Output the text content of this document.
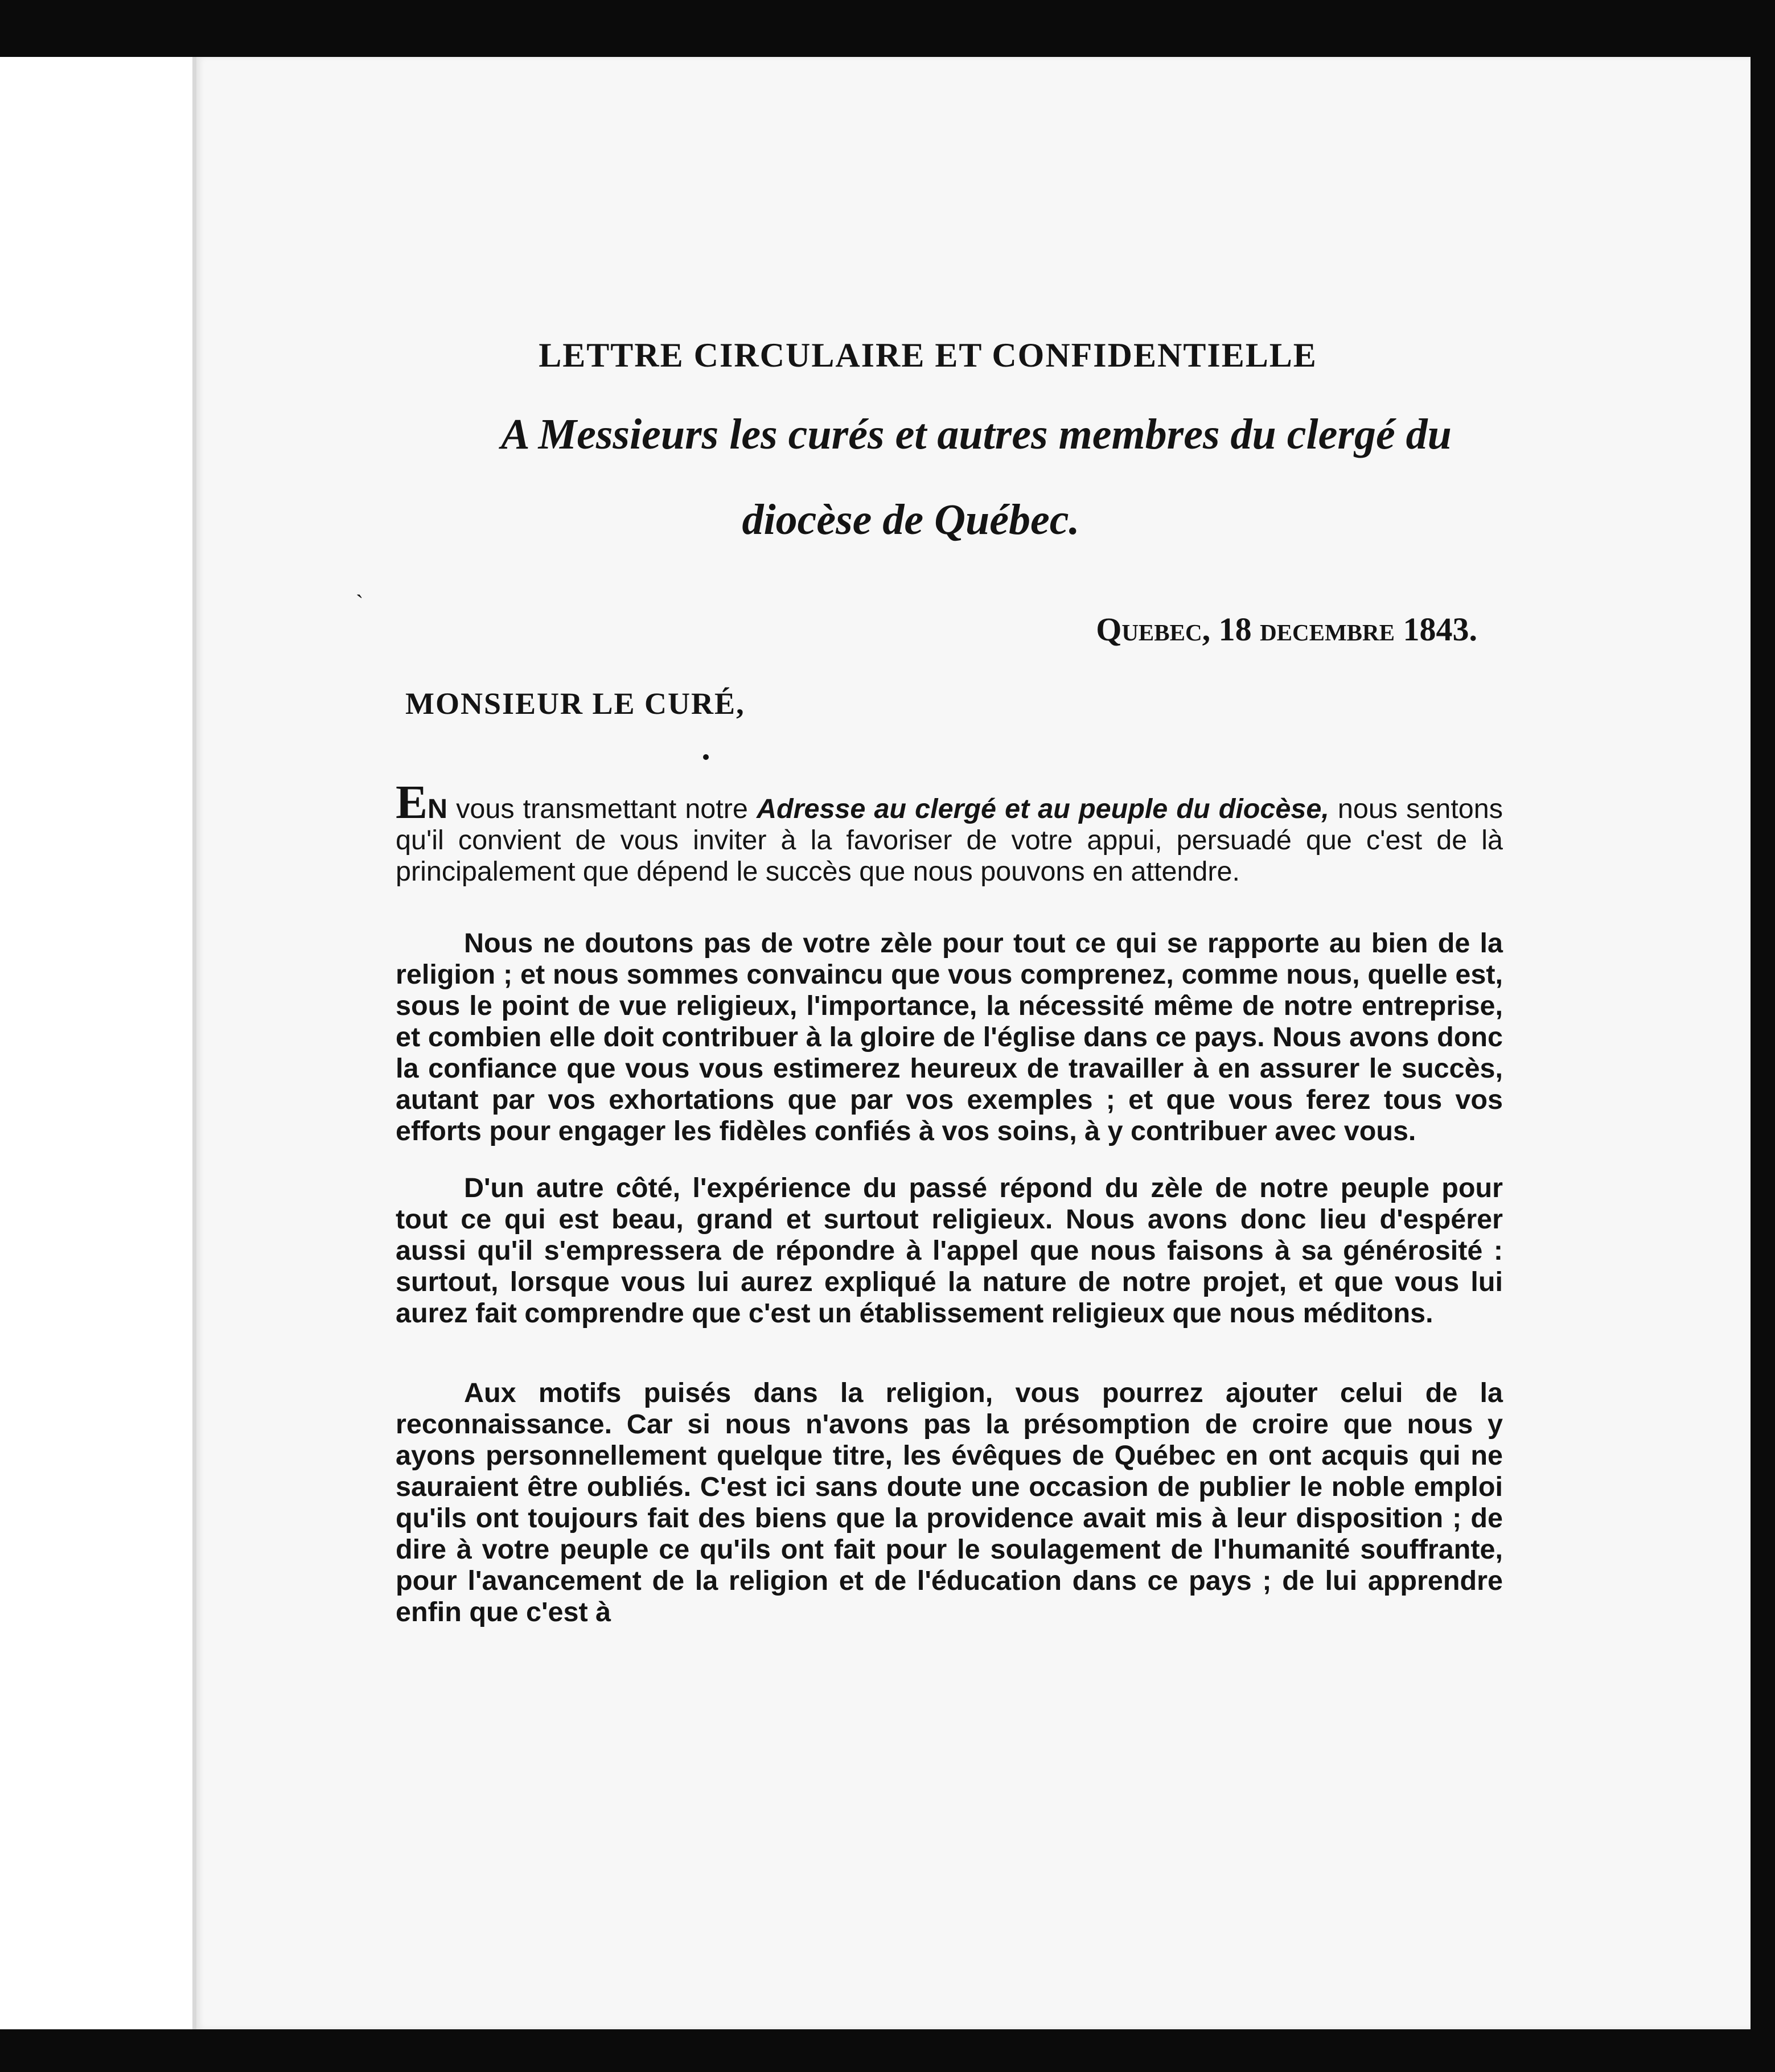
ˎ
LETTRE CIRCULAIRE ET CONFIDENTIELLE
A Messieurs les curés et autres membres du clergé du
diocèse de Québec.
Quebec, 18 decembre 1843.
MONSIEUR LE CURÉ,

EN vous transmettant notre Adresse au clergé et au peuple du diocèse, nous sentons qu'il convient de vous inviter à la favoriser de votre appui, persuadé que c'est de là principalement que dépend le succès que nous pouvons en attendre.

Nous ne doutons pas de votre zèle pour tout ce qui se rapporte au bien de la religion ; et nous sommes convaincu que vous comprenez, comme nous, quelle est, sous le point de vue religieux, l'importance, la nécessité même de notre entreprise, et combien elle doit contribuer à la gloire de l'église dans ce pays. Nous avons donc la confiance que vous vous estimerez heureux de travailler à en assurer le succès, autant par vos exhortations que par vos exemples ; et que vous ferez tous vos efforts pour engager les fidèles confiés à vos soins, à y contribuer avec vous.

D'un autre côté, l'expérience du passé répond du zèle de notre peuple pour tout ce qui est beau, grand et surtout religieux. Nous avons donc lieu d'espérer aussi qu'il s'empressera de répondre à l'appel que nous faisons à sa générosité : surtout, lorsque vous lui aurez expliqué la nature de notre projet, et que vous lui aurez fait comprendre que c'est un établissement religieux que nous méditons.

Aux motifs puisés dans la religion, vous pourrez ajouter celui de la reconnaissance. Car si nous n'avons pas la présomption de croire que nous y ayons personnellement quelque titre, les évêques de Québec en ont acquis qui ne sauraient être oubliés. C'est ici sans doute une occasion de publier le noble emploi qu'ils ont toujours fait des biens que la providence avait mis à leur disposition ; de dire à votre peuple ce qu'ils ont fait pour le soulagement de l'humanité souffrante, pour l'avancement de la religion et de l'éducation dans ce pays ; de lui apprendre enfin que c'est à
